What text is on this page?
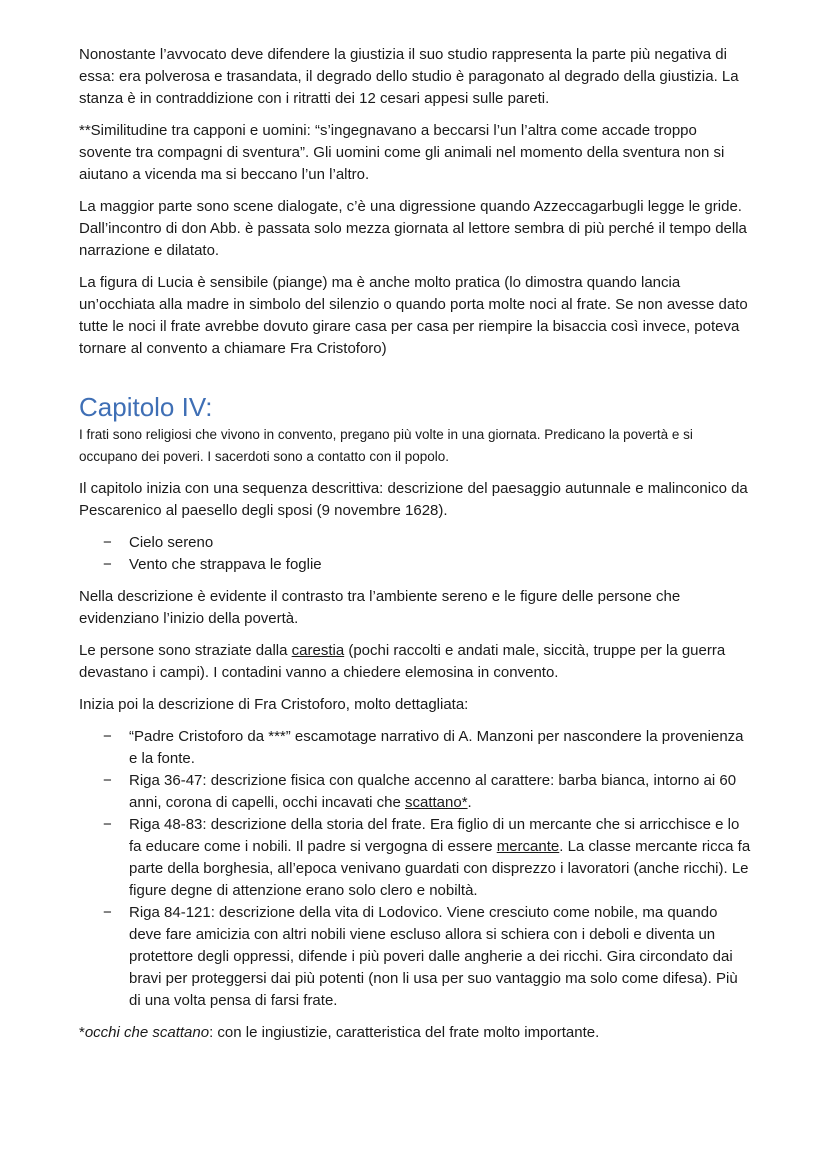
Nonostante l’avvocato deve difendere la giustizia il suo studio rappresenta la parte più negativa di essa: era polverosa e trasandata, il degrado dello studio è paragonato al degrado della giustizia. La stanza è in contraddizione con i ritratti dei 12 cesari appesi sulle pareti.

**Similitudine tra capponi e uomini: “s’ingegnavano a beccarsi l’un l’altra come accade troppo sovente tra compagni di sventura”. Gli uomini come gli animali nel momento della sventura non si aiutano a vicenda ma si beccano l’un l’altro.

La maggior parte sono scene dialogate, c’è una digressione quando Azzeccagarbugli legge le gride. Dall’incontro di don Abb. è passata solo mezza giornata al lettore sembra di più perché il tempo della narrazione e dilatato.

La figura di Lucia è sensibile (piange) ma è anche molto pratica (lo dimostra quando lancia un’occhiata alla madre in simbolo del silenzio o quando porta molte noci al frate. Se non avesse dato tutte le noci il frate avrebbe dovuto girare casa per casa per riempire la bisaccia così invece, poteva tornare al convento a chiamare Fra Cristoforo)

Capitolo IV:

I frati sono religiosi che vivono in convento, pregano più volte in una giornata. Predicano la povertà e si occupano dei poveri. I sacerdoti sono a contatto con il popolo.

Il capitolo inizia con una sequenza descrittiva: descrizione del paesaggio autunnale e malinconico da Pescarenico al paesello degli sposi (9 novembre 1628).

− Cielo sereno
− Vento che strappava le foglie

Nella descrizione è evidente il contrasto tra l’ambiente sereno e le figure delle persone che evidenziano l’inizio della povertà.

Le persone sono straziate dalla carestia (pochi raccolti e andati male, siccità, truppe per la guerra devastano i campi). I contadini vanno a chiedere elemosina in convento.

Inizia poi la descrizione di Fra Cristoforo, molto dettagliata:

− “Padre Cristoforo da ***” escamotage narrativo di A. Manzoni per nascondere la provenienza e la fonte.
− Riga 36-47: descrizione fisica con qualche accenno al carattere: barba bianca, intorno ai 60 anni, corona di capelli, occhi incavati che scattano*.
− Riga 48-83: descrizione della storia del frate. Era figlio di un mercante che si arricchisce e lo fa educare come i nobili. Il padre si vergogna di essere mercante. La classe mercante ricca fa parte della borghesia, all’epoca venivano guardati con disprezzo i lavoratori (anche ricchi). Le figure degne di attenzione erano solo clero e nobiltà.
− Riga 84-121: descrizione della vita di Lodovico. Viene cresciuto come nobile, ma quando deve fare amicizia con altri nobili viene escluso allora si schiera con i deboli e diventa un protettore degli oppressi, difende i più poveri dalle angherie a dei ricchi. Gira circondato dai bravi per proteggersi dai più potenti (non li usa per suo vantaggio ma solo come difesa). Più di una volta pensa di farsi frate.

*occhi che scattano: con le ingiustizie, caratteristica del frate molto importante.
